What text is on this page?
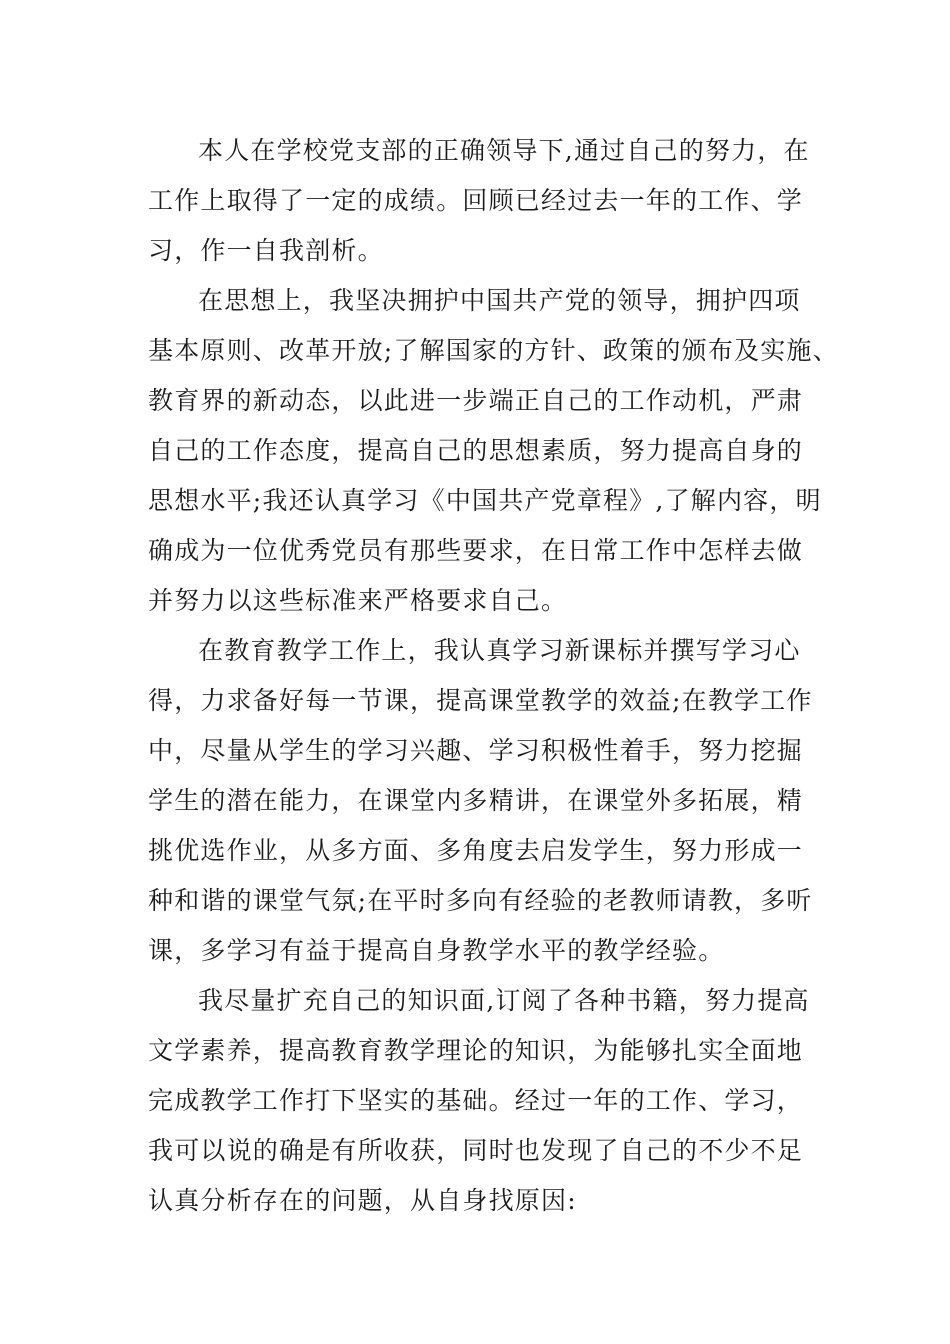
本人在学校党支部的正确领导下,通过自己的努力，在
工作上取得了一定的成绩。回顾已经过去一年的工作、学
习，作一自我剖析。
在思想上，我坚决拥护中国共产党的领导，拥护四项
基本原则、改革开放;了解国家的方针、政策的颁布及实施、
教育界的新动态，以此进一步端正自己的工作动机，严肃
自己的工作态度，提高自己的思想素质，努力提高自身的
思想水平;我还认真学习《中国共产党章程》,了解内容，明
确成为一位优秀党员有那些要求，在日常工作中怎样去做
并努力以这些标准来严格要求自己。
在教育教学工作上，我认真学习新课标并撰写学习心
得，力求备好每一节课，提高课堂教学的效益;在教学工作
中，尽量从学生的学习兴趣、学习积极性着手，努力挖掘
学生的潜在能力，在课堂内多精讲，在课堂外多拓展，精
挑优选作业，从多方面、多角度去启发学生，努力形成一
种和谐的课堂气氛;在平时多向有经验的老教师请教，多听
课，多学习有益于提高自身教学水平的教学经验。
我尽量扩充自己的知识面,订阅了各种书籍，努力提高
文学素养，提高教育教学理论的知识，为能够扎实全面地
完成教学工作打下坚实的基础。经过一年的工作、学习，
我可以说的确是有所收获，同时也发现了自己的不少不足
认真分析存在的问题，从自身找原因:
